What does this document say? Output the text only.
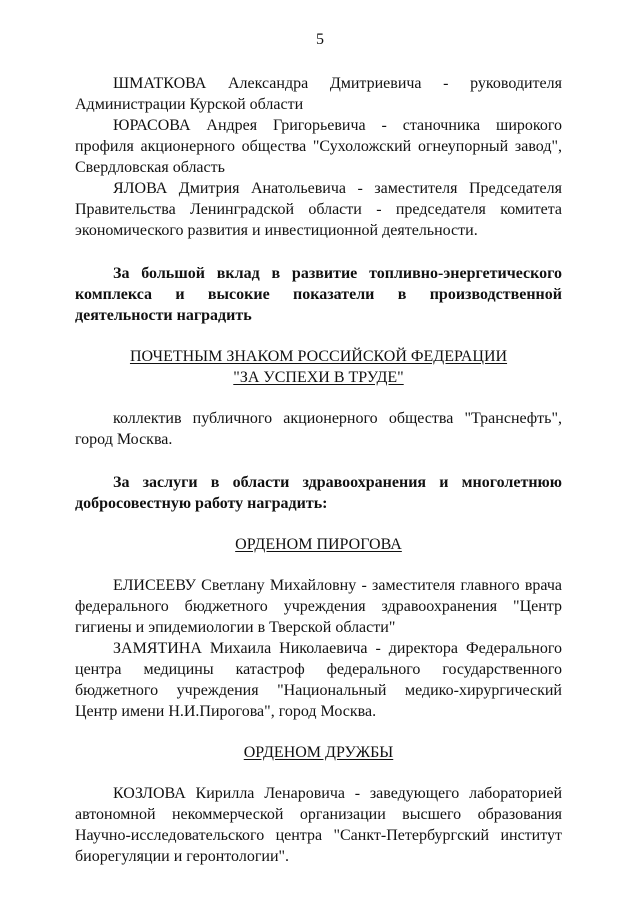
5

ШМАТКОВА Александра Дмитриевича - руководителя Администрации Курской области

ЮРАСОВА Андрея Григорьевича - станочника широкого профиля акционерного общества "Сухоложский огнеупорный завод", Свердловская область

ЯЛОВА Дмитрия Анатольевича - заместителя Председателя Правительства Ленинградской области - председателя комитета экономического развития и инвестиционной деятельности.

За большой вклад в развитие топливно-энергетического комплекса и высокие показатели в производственной деятельности наградить

ПОЧЕТНЫМ ЗНАКОМ РОССИЙСКОЙ ФЕДЕРАЦИИ

"ЗА УСПЕХИ В ТРУДЕ"

коллектив публичного акционерного общества "Транснефть", город Москва.

За заслуги в области здравоохранения и многолетнюю добросовестную работу наградить:

ОРДЕНОМ ПИРОГОВА

ЕЛИСЕЕВУ Светлану Михайловну - заместителя главного врача федерального бюджетного учреждения здравоохранения "Центр гигиены и эпидемиологии в Тверской области"

ЗАМЯТИНА Михаила Николаевича - директора Федерального центра медицины катастроф федерального государственного бюджетного учреждения "Национальный медико-хирургический Центр имени Н.И.Пирогова", город Москва.

ОРДЕНОМ ДРУЖБЫ

КОЗЛОВА Кирилла Ленаровича - заведующего лабораторией автономной некоммерческой организации высшего образования Научно-исследовательского центра "Санкт-Петербургский институт биорегуляции и геронтологии".
